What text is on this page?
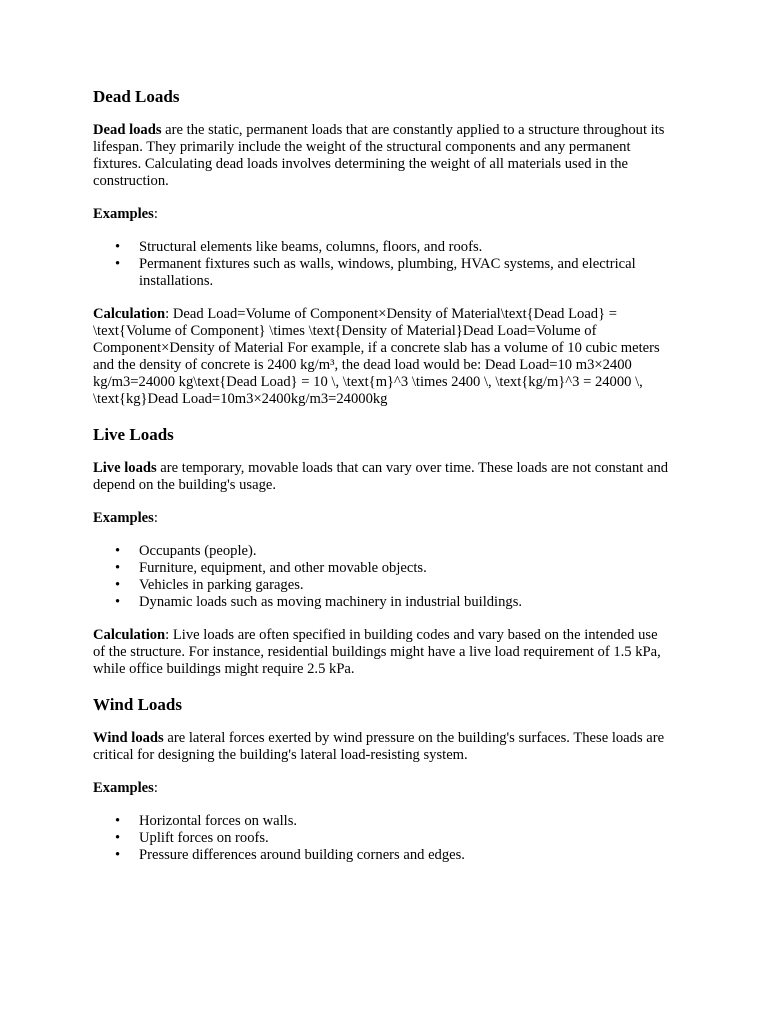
Dead Loads

Dead loads are the static, permanent loads that are constantly applied to a structure throughout its lifespan. They primarily include the weight of the structural components and any permanent fixtures. Calculating dead loads involves determining the weight of all materials used in the construction.

Examples:

• Structural elements like beams, columns, floors, and roofs.
• Permanent fixtures such as walls, windows, plumbing, HVAC systems, and electrical installations.

Calculation: Dead Load=Volume of Component×Density of Material\text{Dead Load} = \text{Volume of Component} \times \text{Density of Material}Dead Load=Volume of Component×Density of Material For example, if a concrete slab has a volume of 10 cubic meters and the density of concrete is 2400 kg/m³, the dead load would be: Dead Load=10 m3×2400 kg/m3=24000 kg\text{Dead Load} = 10 \, \text{m}^3 \times 2400 \, \text{kg/m}^3 = 24000 \, \text{kg}Dead Load=10m3×2400kg/m3=24000kg

Live Loads

Live loads are temporary, movable loads that can vary over time. These loads are not constant and depend on the building's usage.

Examples:

• Occupants (people).
• Furniture, equipment, and other movable objects.
• Vehicles in parking garages.
• Dynamic loads such as moving machinery in industrial buildings.

Calculation: Live loads are often specified in building codes and vary based on the intended use of the structure. For instance, residential buildings might have a live load requirement of 1.5 kPa, while office buildings might require 2.5 kPa.

Wind Loads

Wind loads are lateral forces exerted by wind pressure on the building's surfaces. These loads are critical for designing the building's lateral load-resisting system.

Examples:

• Horizontal forces on walls.
• Uplift forces on roofs.
• Pressure differences around building corners and edges.
